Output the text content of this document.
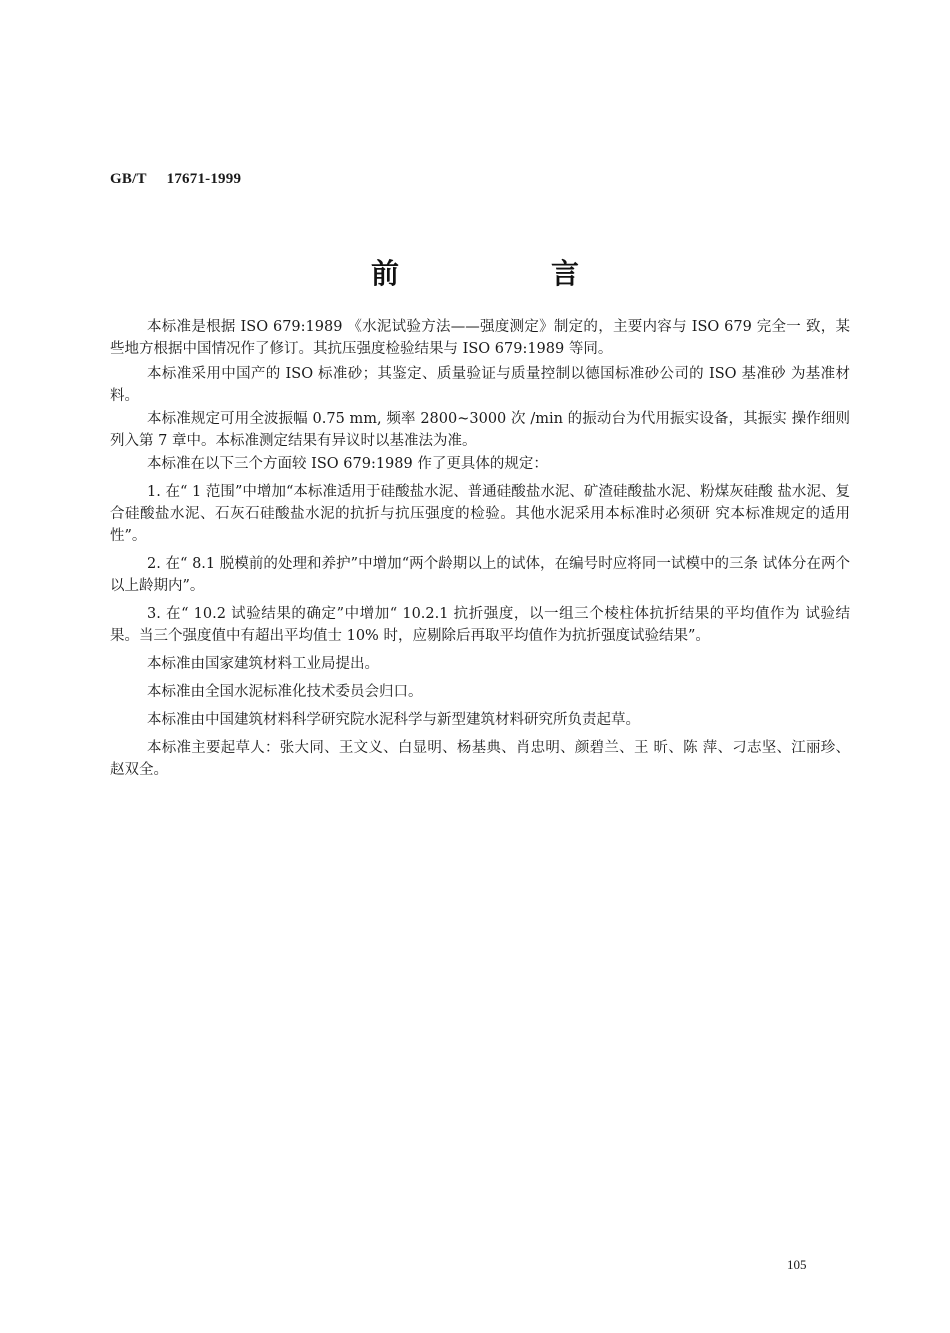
GB/T 17671-1999
前　言

本标准是根据 ISO 679:1989 《水泥试验方法——强度测定》制定的，主要内容与 ISO 679 完全一 致，某些地方根据中国情况作了修订。其抗压强度检验结果与 ISO 679:1989 等同。

本标准采用中国产的 ISO 标准砂；其鉴定、质量验证与质量控制以德国标准砂公司的 ISO 基准砂 为基准材料。

本标准规定可用全波振幅 0.75 mm, 频率 2800~3000 次 /min 的振动台为代用振实设备，其振实 操作细则列入第 7 章中。本标准测定结果有异议时以基准法为准。

本标准在以下三个方面较 ISO 679:1989 作了更具体的规定：

1. 在“ 1 范围”中增加“本标准适用于硅酸盐水泥、普通硅酸盐水泥、矿渣硅酸盐水泥、粉煤灰硅酸 盐水泥、复合硅酸盐水泥、石灰石硅酸盐水泥的抗折与抗压强度的检验。其他水泥采用本标准时必须研 究本标准规定的适用性”。

2. 在“ 8.1 脱模前的处理和养护”中增加“两个龄期以上的试体，在编号时应将同一试模中的三条 试体分在两个以上龄期内”。

3. 在“ 10.2 试验结果的确定”中增加“ 10.2.1 抗折强度，以一组三个棱柱体抗折结果的平均值作为 试验结果。当三个强度值中有超出平均值士 10% 时，应剔除后再取平均值作为抗折强度试验结果”。

本标准由国家建筑材料工业局提出。

本标准由全国水泥标准化技术委员会归口。

本标准由中国建筑材料科学研究院水泥科学与新型建筑材料研究所负责起草。

本标准主要起草人：张大同、王文义、白显明、杨基典、肖忠明、颜碧兰、王 昕、陈 萍、刁志坚、江丽珍、赵双全。

105
